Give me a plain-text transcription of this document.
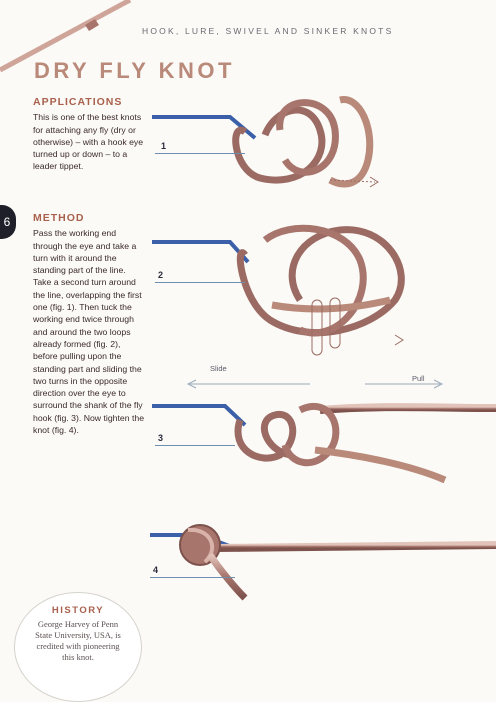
HOOK, LURE, SWIVEL AND SINKER KNOTS
DRY FLY KNOT
APPLICATIONS
This is one of the best knots for attaching any fly (dry or otherwise) – with a hook eye turned up or down – to a leader tippet.
6 METHOD
Pass the working end through the eye and take a turn with it around the standing part of the line. Take a second turn around the line, overlapping the first one (fig. 1). Then tuck the working end twice through and around the two loops already formed (fig. 2), before pulling upon the standing part and sliding the two turns in the opposite direction over the eye to surround the shank of the fly hook (fig. 3). Now tighten the knot (fig. 4).
HISTORY
George Harvey of Penn State University, USA, is credited with pioneering this knot.
1
2
3
4
Slide
Pull
